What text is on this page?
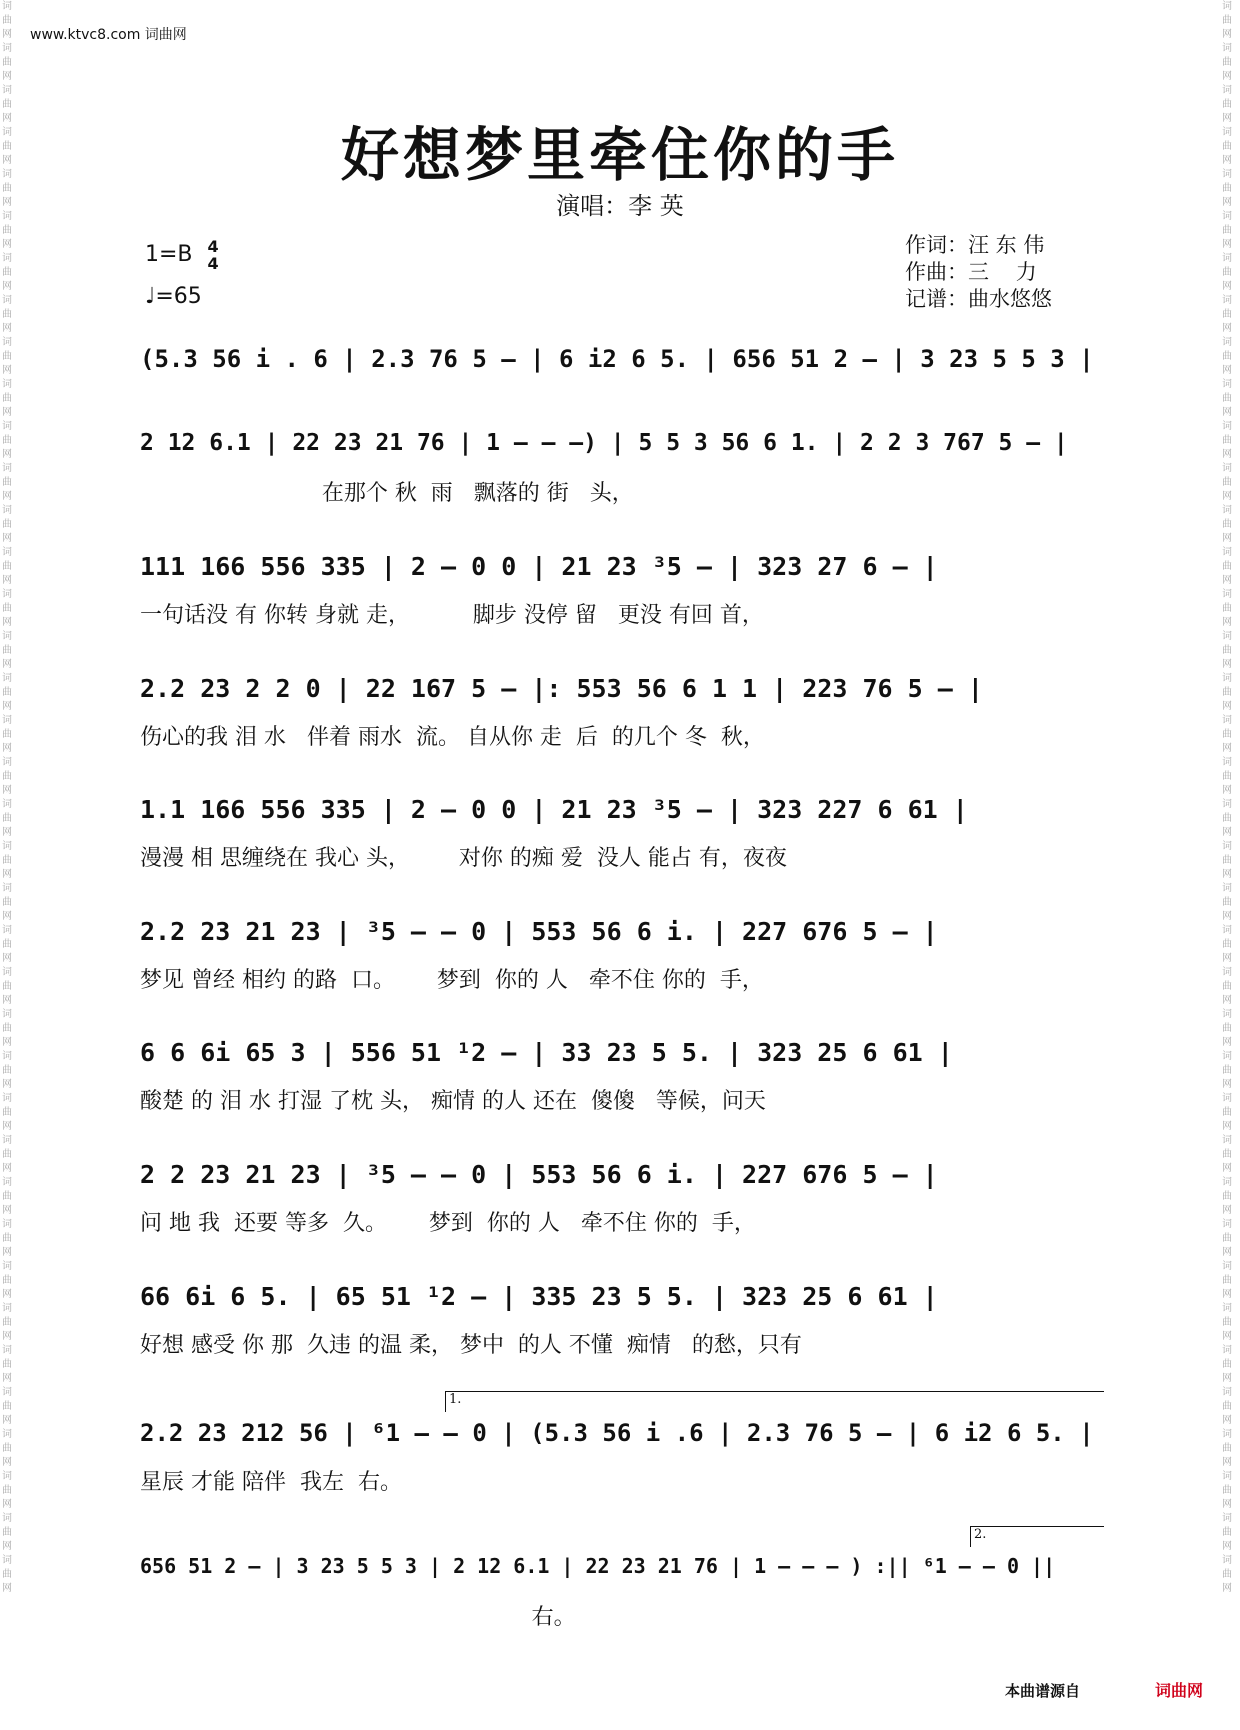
www.ktvc8.com 词曲网
词曲网词曲网词曲网词曲网词曲网词曲网词曲网词曲网词曲网词曲网词曲网词曲网词曲网词曲网词曲网词曲网词曲网词曲网词曲网词曲网词曲网词曲网词曲网词曲网词曲网词曲网词曲网词曲网词曲网词曲网词曲网词曲网词曲网词曲网词曲网词曲网词曲网词曲网
词曲网词曲网词曲网词曲网词曲网词曲网词曲网词曲网词曲网词曲网词曲网词曲网词曲网词曲网词曲网词曲网词曲网词曲网词曲网词曲网词曲网词曲网词曲网词曲网词曲网词曲网词曲网词曲网词曲网词曲网词曲网词曲网词曲网词曲网词曲网词曲网词曲网词曲网
好想梦里牵住你的手
演唱：李 英
1=B 4
4
♩=65
作词：汪 东 伟
作曲：三    力
记谱：曲水悠悠
(5.3 56 i . 6 | 2.3 76 5 – | 6 i2 6 5. | 656 51 2 – | 3 23 5 5 3 |
2 12 6.1 | 22 23 21 76 | 1 – – –) | 5 5 3 56 6 1. | 2 2 3 767 5 – |
在那个 秋  雨   飘落的 街   头，
111 166 556 335 | 2 – 0 0 | 21 23 ³5 – | 323 27 6 – |
一句话没 有 你转 身就 走，         脚步 没停 留   更没 有回 首，
2.2 23 2 2 0 | 22 167 5 – |: 553 56 6 1 1 | 223 76 5 – |
伤心的我 泪 水   伴着 雨水  流。 自从你 走  后  的几个 冬  秋，
1.1 166 556 335 | 2 – 0 0 | 21 23 ³5 – | 323 227 6 61 |
漫漫 相 思缠绕在 我心 头，       对你 的痴 爱  没人 能占 有，夜夜
2.2 23 21 23 | ³5 – – 0 | 553 56 6 i. | 227 676 5 – |
梦见 曾经 相约 的路  口。      梦到  你的 人   牵不住 你的  手，
6 6 6i 65 3 | 556 51 ¹2 – | 33 23 5 5. | 323 25 6 61 |
酸楚 的 泪 水 打湿 了枕 头， 痴情 的人 还在  傻傻   等候，问天
2 2 23 21 23 | ³5 – – 0 | 553 56 6 i. | 227 676 5 – |
问 地 我  还要 等多  久。      梦到  你的 人   牵不住 你的  手，
66 6i 6 5. | 65 51 ¹2 – | 335 23 5 5. | 323 25 6 61 |
好想 感受 你 那  久违 的温 柔， 梦中  的人 不懂  痴情   的愁，只有
1.
2.2 23 212 56 | ⁶1 – – 0 | (5.3 56 i .6 | 2.3 76 5 – | 6 i2 6 5. |
星辰 才能 陪伴  我左  右。
2.
656 51 2 – | 3 23 5 5 3 | 2 12 6.1 | 22 23 21 76 | 1 – – – ) :|| ⁶1 – – 0 ||
右。
本曲谱源自	词曲网
